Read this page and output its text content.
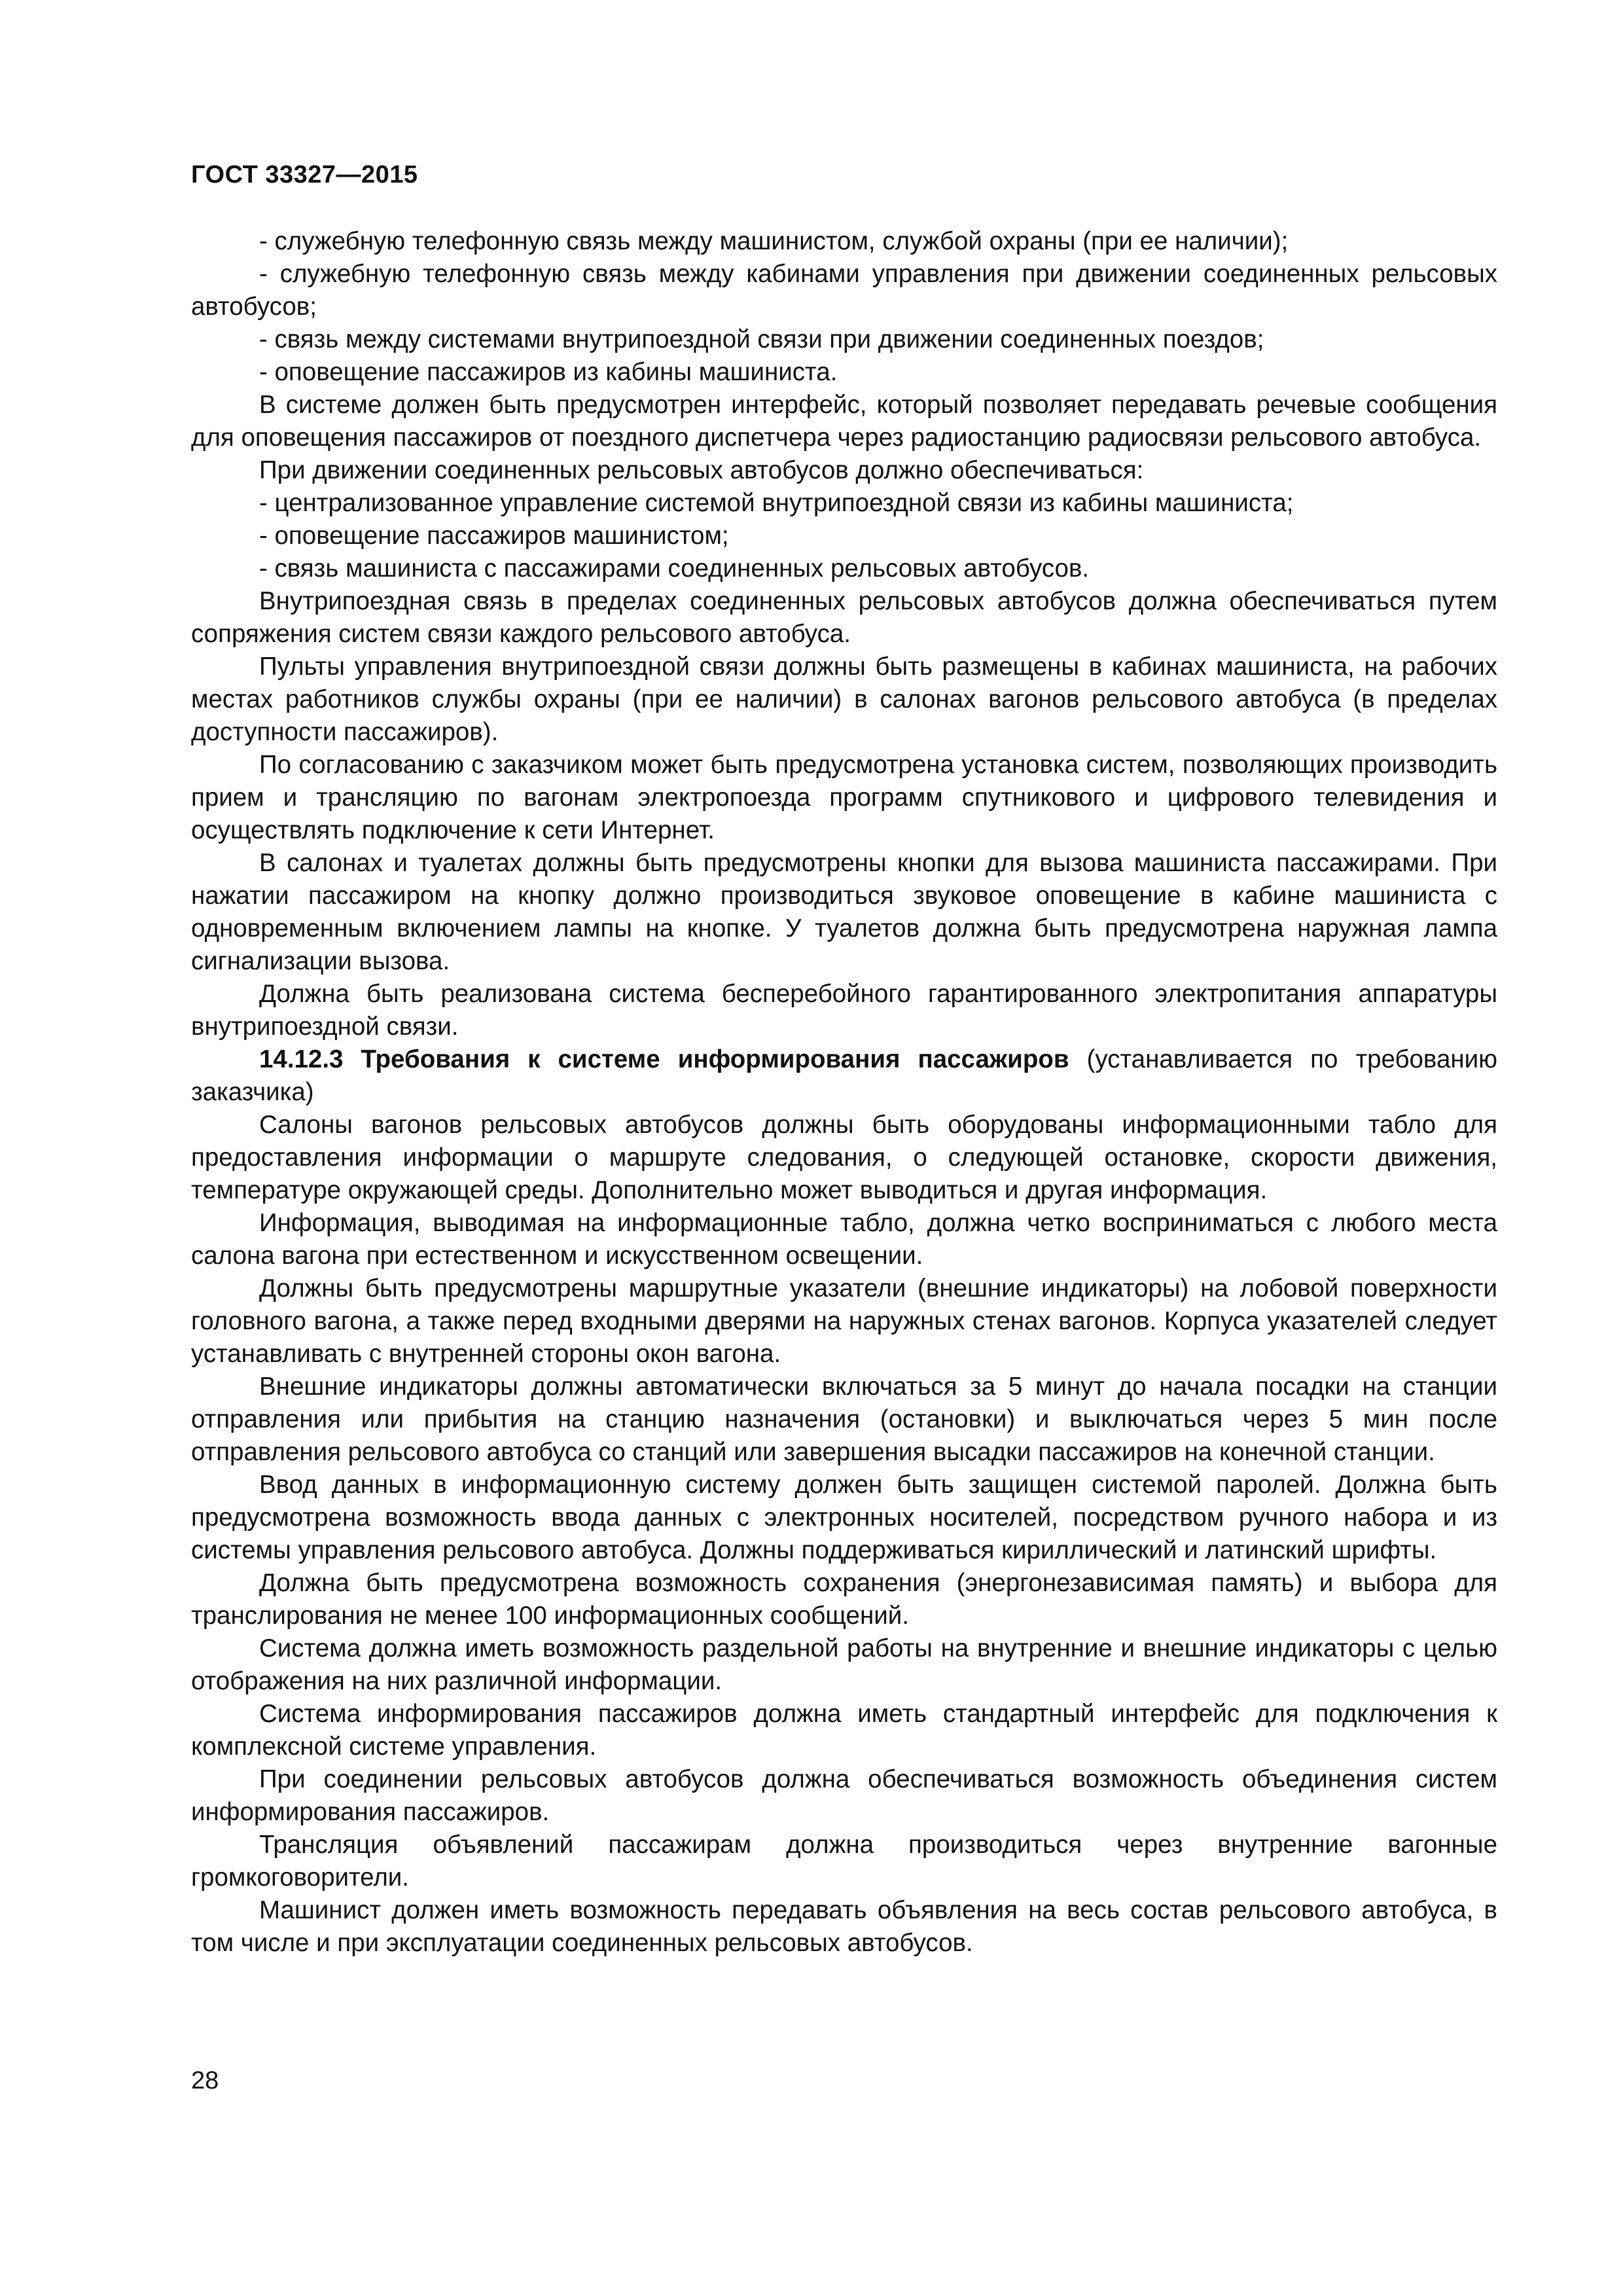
ГОСТ 33327—2015

- служебную телефонную связь между машинистом, службой охраны (при ее наличии);

- служебную телефонную связь между кабинами управления при движении соединенных рельсовых автобусов;

- связь между системами внутрипоездной связи при движении соединенных поездов;

- оповещение пассажиров из кабины машиниста.

В системе должен быть предусмотрен интерфейс, который позволяет передавать речевые сообщения для оповещения пассажиров от поездного диспетчера через радиостанцию радиосвязи рельсового автобуса.

При движении соединенных рельсовых автобусов должно обеспечиваться:

- централизованное управление системой внутрипоездной связи из кабины машиниста;

- оповещение пассажиров машинистом;

- связь машиниста с пассажирами соединенных рельсовых автобусов.

Внутрипоездная связь в пределах соединенных рельсовых автобусов должна обеспечиваться путем сопряжения систем связи каждого рельсового автобуса.

Пульты управления внутрипоездной связи должны быть размещены в кабинах машиниста, на рабочих местах работников службы охраны (при ее наличии) в салонах вагонов рельсового автобуса (в пределах доступности пассажиров).

По согласованию с заказчиком может быть предусмотрена установка систем, позволяющих производить прием и трансляцию по вагонам электропоезда программ спутникового и цифрового телевидения и осуществлять подключение к сети Интернет.

В салонах и туалетах должны быть предусмотрены кнопки для вызова машиниста пассажирами. При нажатии пассажиром на кнопку должно производиться звуковое оповещение в кабине машиниста с одновременным включением лампы на кнопке. У туалетов должна быть предусмотрена наружная лампа сигнализации вызова.

Должна быть реализована система бесперебойного гарантированного электропитания аппаратуры внутрипоездной связи.

14.12.3 Требования к системе информирования пассажиров (устанавливается по требованию заказчика)

Салоны вагонов рельсовых автобусов должны быть оборудованы информационными табло для предоставления информации о маршруте следования, о следующей остановке, скорости движения, температуре окружающей среды. Дополнительно может выводиться и другая информация.

Информация, выводимая на информационные табло, должна четко восприниматься с любого места салона вагона при естественном и искусственном освещении.

Должны быть предусмотрены маршрутные указатели (внешние индикаторы) на лобовой поверхности головного вагона, а также перед входными дверями на наружных стенах вагонов. Корпуса указателей следует устанавливать с внутренней стороны окон вагона.

Внешние индикаторы должны автоматически включаться за 5 минут до начала посадки на станции отправления или прибытия на станцию назначения (остановки) и выключаться через 5 мин после отправления рельсового автобуса со станций или завершения высадки пассажиров на конечной станции.

Ввод данных в информационную систему должен быть защищен системой паролей. Должна быть предусмотрена возможность ввода данных с электронных носителей, посредством ручного набора и из системы управления рельсового автобуса. Должны поддерживаться кириллический и латинский шрифты.

Должна быть предусмотрена возможность сохранения (энергонезависимая память) и выбора для транслирования не менее 100 информационных сообщений.

Система должна иметь возможность раздельной работы на внутренние и внешние индикаторы с целью отображения на них различной информации.

Система информирования пассажиров должна иметь стандартный интерфейс для подключения к комплексной системе управления.

При соединении рельсовых автобусов должна обеспечиваться возможность объединения систем информирования пассажиров.

Трансляция объявлений пассажирам должна производиться через внутренние вагонные громкоговорители.

Машинист должен иметь возможность передавать объявления на весь состав рельсового автобуса, в том числе и при эксплуатации соединенных рельсовых автобусов.

28
